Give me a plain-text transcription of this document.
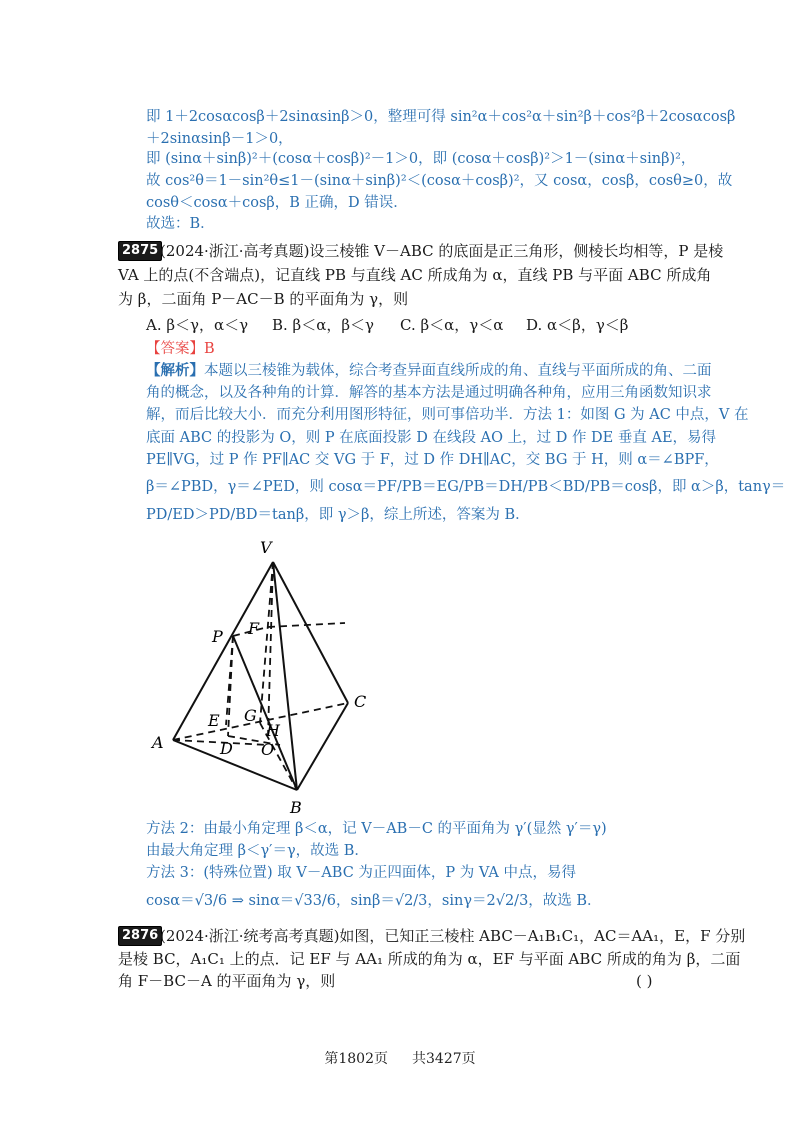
即 1＋2cosαcosβ＋2sinαsinβ＞0，整理可得 sin²α＋cos²α＋sin²β＋cos²β＋2cosαcosβ
＋2sinαsinβ－1＞0，
即 (sinα＋sinβ)²＋(cosα＋cosβ)²－1＞0，即 (cosα＋cosβ)²＞1－(sinα＋sinβ)²，
故 cos²θ＝1－sin²θ≤1－(sinα＋sinβ)²＜(cosα＋cosβ)²，又 cosα，cosβ，cosθ≥0，故
cosθ＜cosα＋cosβ，B 正确，D 错误．
故选：B．
2875 (2024·浙江·高考真题)设三棱锥 V－ABC 的底面是正三角形，侧棱长均相等，P 是棱
VA 上的点(不含端点)，记直线 PB 与直线 AC 所成角为 α，直线 PB 与平面 ABC 所成角
为 β，二面角 P－AC－B 的平面角为 γ，则
A. β＜γ，α＜γ B. β＜α，β＜γ C. β＜α，γ＜α D. α＜β，γ＜β
【答案】B
【解析】本题以三棱锥为载体，综合考查异面直线所成的角、直线与平面所成的角、二面
角的概念，以及各种角的计算．解答的基本方法是通过明确各种角，应用三角函数知识求
解，而后比较大小．而充分利用图形特征，则可事倍功半．方法 1：如图 G 为 AC 中点，V 在
底面 ABC 的投影为 O，则 P 在底面投影 D 在线段 AO 上，过 D 作 DE 垂直 AE，易得
PE∥VG，过 P 作 PF∥AC 交 VG 于 F，过 D 作 DH∥AC，交 BG 于 H，则 α＝∠BPF，
β＝∠PBD，γ＝∠PED，则 cosα＝PF/PB＝EG/PB＝DH/PB＜BD/PB＝cosβ，即 α＞β，tanγ＝
PD/ED＞PD/BD＝tanβ，即 γ＞β，综上所述，答案为 B．
V
P F
C
E G
H
A	D O
B
方法 2：由最小角定理 β＜α，记 V－AB－C 的平面角为 γ′(显然 γ′＝γ)
由最大角定理 β＜γ′＝γ，故选 B．
方法 3：(特殊位置) 取 V－ABC 为正四面体，P 为 VA 中点，易得
cosα＝√3/6 ⇒ sinα＝√33/6，sinβ＝√2/3，sinγ＝2√2/3，故选 B．
2876 (2024·浙江·统考高考真题)如图，已知正三棱柱 ABC－A₁B₁C₁，AC＝AA₁，E，F 分别
是棱 BC，A₁C₁ 上的点．记 EF 与 AA₁ 所成的角为 α，EF 与平面 ABC 所成的角为 β，二面
角 F－BC－A 的平面角为 γ，则	( )
第1802页 共3427页
